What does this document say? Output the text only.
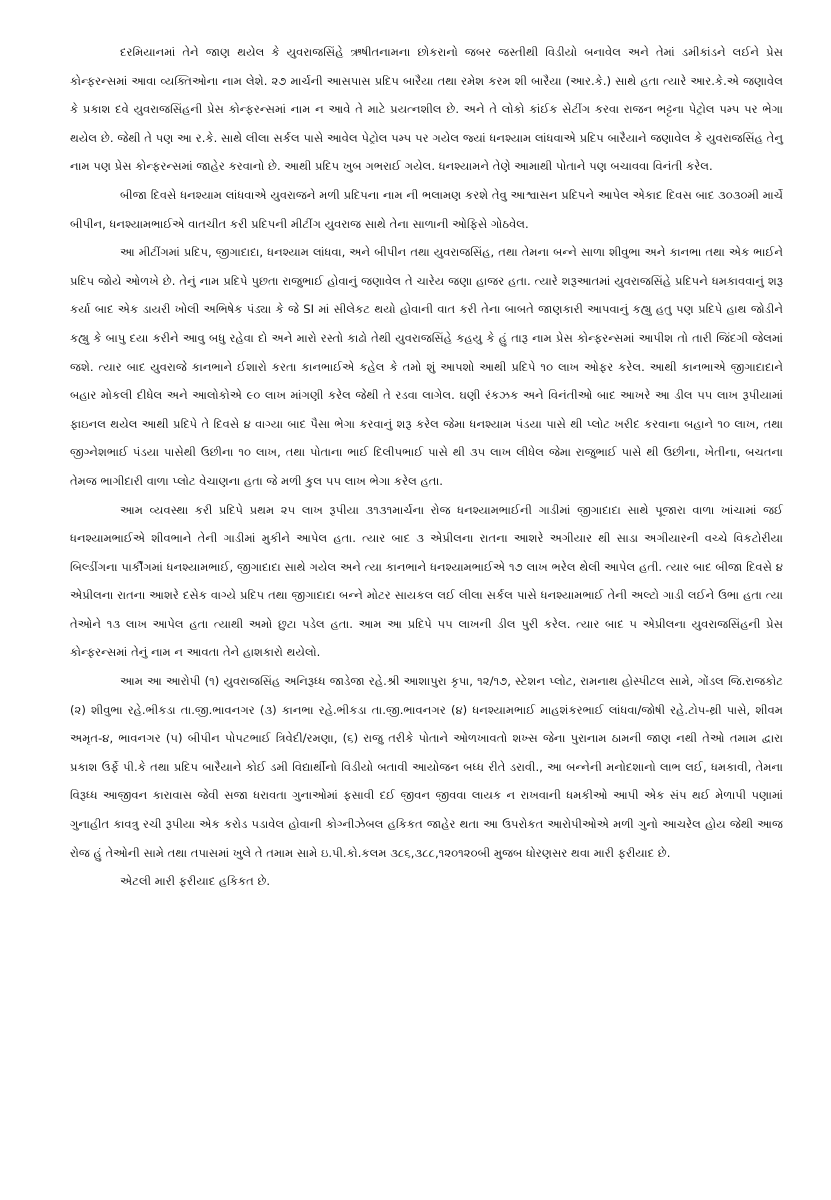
દરમિયાનમાં તેને જાણ થયેલ કે યુવરાજસિંહે ઋષીતનામના છોકરાનો જબર જસ્તીથી વિડીયો બનાવેલ અને તેમાં ડમીકાંડને લઈને પ્રેસ કોન્ફરન્સમાં આવા વ્યક્તિઓના નામ લેશે. ૨૭ માર્ચની આસપાસ પ્રદિપ બારૈયા તથા રમેશ કરમ શી બારૈયા (આર.કે.) સાથે હતા ત્યારે આર.કે.એ જણાવેલ કે પ્રકાશ દવે યુવરાજસિંહની પ્રેસ કોન્ફરન્સમાં નામ ન આવે તે માટે પ્રયત્નશીલ છે. અને તે લોકો કાંઈક સેટીંગ કરવા રાજન ભટ્ટના પેટ્રોલ પમ્પ પર ભેગા થયેલ છે. જેથી તે પણ આ ર.કે. સાથે લીલા સર્કલ પાસે આવેલ પેટ્રોલ પમ્પ પર ગયેલ જ્યાં ધનશ્યામ લાંધવાએ પ્રદિપ બારૈયાને જણાવેલ કે યુવરાજસિંહ તેનુ નામ પણ પ્રેસ કોન્ફરન્સમાં જાહેર કરવાનો છે. આથી પ્રદિપ ખુબ ગભરાઈ ગયેલ. ધનશ્યામને તેણે આમાથી પોતાને પણ બચાવવા વિનંતી કરેલ.

બીજા દિવસે ધનશ્યામ લાંધવાએ યુવરાજને મળી પ્રદિપના નામ ની ભલામણ કરશે તેવુ આશ્વાસન પ્રદિપને આપેલ એકાદ દિવસ બાદ ૩૦૩૦મી માર્ચે બીપીન, ધનશ્યામભાઈએ વાતચીત કરી પ્રદિપની મીટીંગ યુવરાજ સાથે તેના સાળાની ઓફિસે ગોઠવેલ.

આ મીટીંગમાં પ્રદિપ, જીગાદાદા, ધનશ્યામ લાંધવા, અને બીપીન તથા યુવરાજસિંહ, તથા તેમના બન્ને સાળા શીવુભા અને કાનભા તથા એક ભાઈને પ્રદિપ જોયે ઓળખે છે. તેનું નામ પ્રદિપે પુછતા રાજુભાઈ હોવાનું જણાવેલ તે ચારેય જણા હાજર હતા. ત્યારે શરૂઆતમાં યુવરાજસિંહે પ્રદિપને ધમકાવવાનું શરૂ કર્યા બાદ એક ડાયરી ખોલી અભિષેક પંડ્યા કે જે SI માં સીલેકટ થયો હોવાની વાત કરી તેના બાબતે જાણકારી આપવાનું કહ્યુ હતુ પણ પ્રદિપે હાથ જોડીને કહ્યુ કે બાપુ દયા કરીને આવુ બધુ રહેવા દો અને મારો રસ્તો કાઢો તેથી યુવરાજસિંહે કહયુ કે હું તારૂ નામ પ્રેસ કોન્ફરન્સમાં આપીશ તો તારી જિંદગી જેલમાં જશે. ત્યાર બાદ યુવરાજે કાનભાને ઈશારો કરતા કાનભાઈએ કહેલ કે તમો શું આપશો આથી પ્રદિપે ૧૦ લાખ ઓફર કરેલ. આથી કાનભાએ જીગાદાદાને બહાર મોકલી દીધેલ અને આલોકોએ ૯૦ લાખ માંગણી કરેલ જેથી તે રડવા લાગેલ. ઘણી રંકઝક અને વિનંતીઓ બાદ આખરે આ ડીલ ૫૫ લાખ રૂપીયામાં ફાઇનલ થયેલ આથી પ્રદિપે તે દિવસે ૪ વાગ્યા બાદ પૈસા ભેગા કરવાનું શરૂ કરેલ જેમા ધનશ્યામ પંડયા પાસે થી પ્લોટ ખરીદ કરવાના બહાને ૧૦ લાખ, તથા જીગ્નેશભાઈ પંડયા પાસેથી ઉછીના ૧૦ લાખ, તથા પોતાના ભાઈ દિલીપભાઈ પાસે થી ૩૫ લાખ લીધેલ જેમા રાજુભાઈ પાસે થી ઉછીના, ખેતીના, બચતના તેમજ ભાગીદારી વાળા પ્લોટ વેચાણના હતા જે મળી કુલ ૫૫ લાખ ભેગા કરેલ હતા.

આમ વ્યવસ્થા કરી પ્રદિપે પ્રથમ ૨૫ લાખ રૂપીયા ૩૧૩૧માર્ચના રોજ ધનશ્યામભાઈની ગાડીમાં જીગાદાદા સાથે પૂજારા વાળા ખાંચામાં જઈ ધનશ્યામભાઈએ શીવભાને તેની ગાડીમાં મુકીને આપેલ હતા. ત્યાર બાદ ૩ એપ્રીલના રાતના આશરે અગીયાર થી સાડા અગીયારની વચ્ચે વિકટોરીયા બિલ્ડીંગના પાર્કીંગમાં ધનશ્યામભાઈ, જીગાદાદા સાથે ગયેલ અને ત્યા કાનભાને ધનશ્યામભાઈએ ૧૭ લાખ ભરેલ થેલી આપેલ હતી. ત્યાર બાદ બીજા દિવસે ૪ એપ્રીલના રાતના આશરે દસેક વાગ્યે પ્રદિપ તથા જીગાદાદા બન્ને મોટર સાયકલ લઈ લીલા સર્કલ પાસે ધનશ્યામભાઈ તેની અલ્ટો ગાડી લઈને ઉભા હતા ત્યા તેઓને ૧૩ લાખ આપેલ હતા ત્યાથી અમો છુટા પડેલ હતા. આમ આ પ્રદિપે ૫૫ લાખની ડીલ પુરી કરેલ. ત્યાર બાદ ૫ એપ્રીલના યુવરાજસિંહની પ્રેસ કોન્ફરન્સમાં તેનું નામ ન આવતા તેને હાશકારો થયેલો.

આમ આ આરોપી (૧) યુવરાજસિંહ અનિરૂધ્ધ જાડેજા રહે.શ્રી આશાપુરા કૃપા, ૧૨/૧૭, સ્ટેશન પ્લોટ, રામનાથ હોસ્પીટલ સામે, ગોંડલ જિ.રાજકોટ (૨) શીવુભા રહે.ભીકડા તા.જી.ભાવનગર (૩) કાનભા રહે.ભીકડા તા.જી.ભાવનગર (૪) ધનશ્યામભાઈ માહશંકરભાઈ લાંધવા/જોષી રહે.ટોપ-થ્રી પાસે, શીવમ અમૃત-૪, ભાવનગર (૫) બીપીન પોપટભાઈ ત્રિવેદી/રમણા, (૬) રાજુ તરીકે પોતાને ઓળખાવતો શખ્સ જેના પુરાનામ ઠામની જાણ નથી તેઓ તમામ દ્વારા પ્રકાશ ઉર્ફે પી.કે તથા પ્રદિપ બારૈયાને કોઈ ડમી વિદ્યાર્થીનો વિડીયો બતાવી આયોજન બધ્ધ રીતે ડરાવી., આ બન્નેની મનોદશાનો લાભ લઈ, ધમકાવી, તેમના વિરૂધ્ધ આજીવન કારાવાસ જેવી સજા ધરાવતા ગુનાઓમાં ફસાવી દઈ જીવન જીવવા લાયક ન રાખવાની ધમકીઓ આપી એક સંપ થઈ મેળાપી પણામાં ગુનાહીત કાવત્રુ રચી રૂપીયા એક કરોડ પડાવેલ હોવાની કોગ્નીઝેબલ હકિકત જાહેર થતા આ ઉપરોકત આરોપીઓએ મળી ગુનો આચરેલ હોય જેથી આજ રોજ હું તેઓની સામે તથા તપાસમાં ખુલે તે તમામ સામે ઇ.પી.કો.કલમ ૩૮૬,૩૮૮,૧૨૦૧૨૦બી મુજબ ધોરણસર થવા મારી ફરીયાદ છે.

એટલી મારી ફરીયાદ હકિકત છે.
